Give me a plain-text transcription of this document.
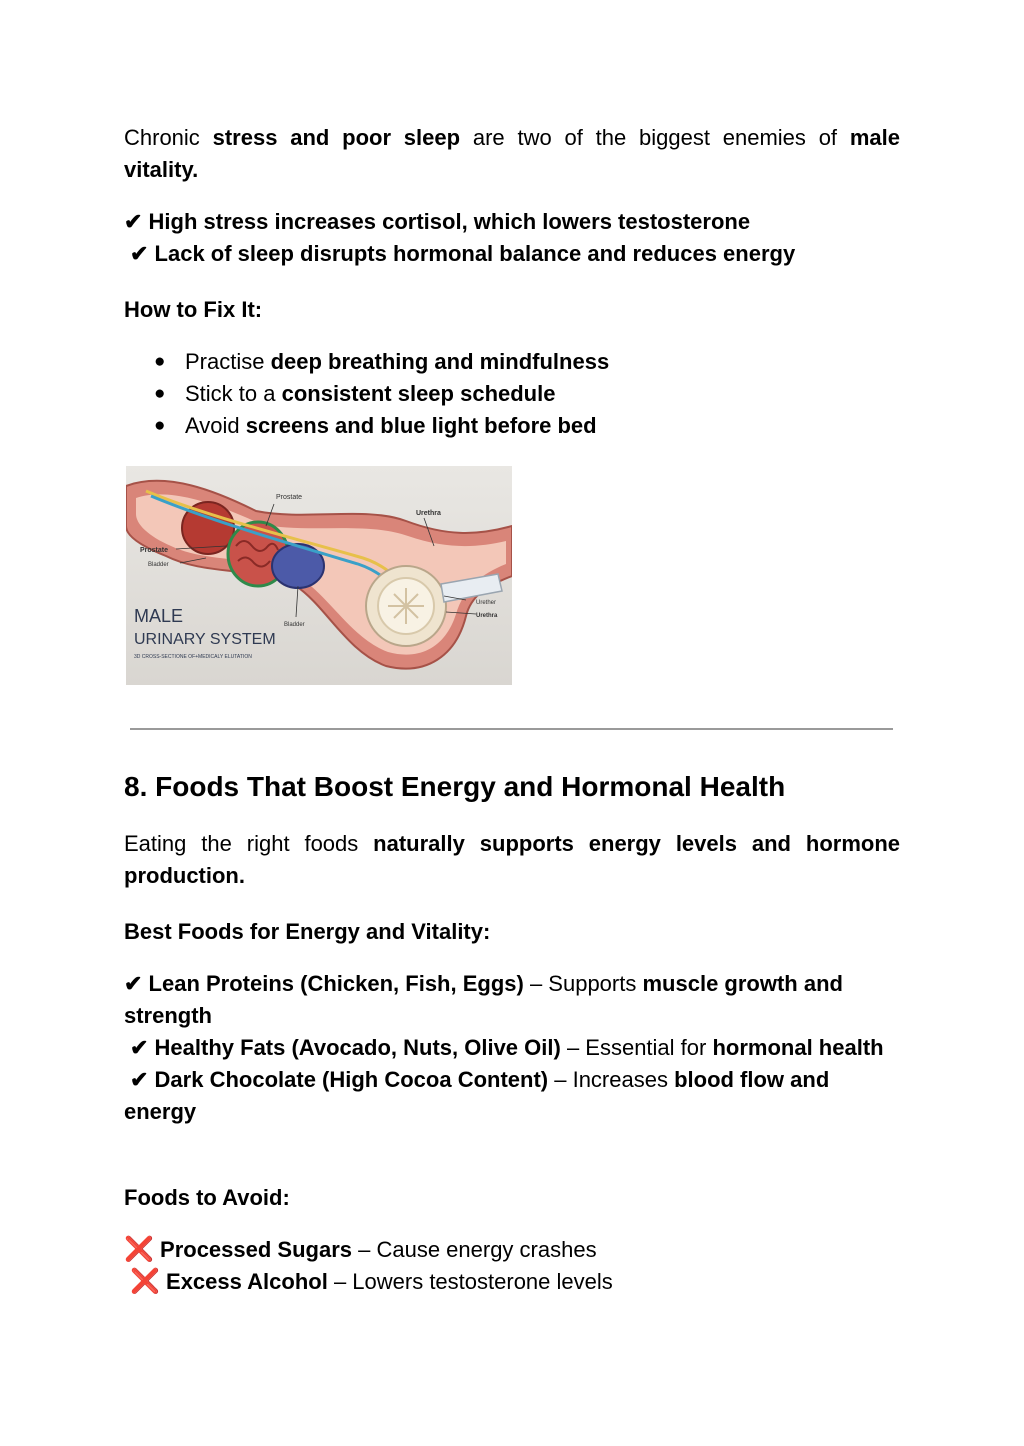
Chronic stress and poor sleep are two of the biggest enemies of male vitality.

✔ High stress increases cortisol, which lowers testosterone

✔ Lack of sleep disrupts hormonal balance and reduces energy

How to Fix It:

● Practise deep breathing and mindfulness
● Stick to a consistent sleep schedule
● Avoid screens and blue light before bed
Prostate
Urethra
Prostate
Bladder
Bladder
Urether
Urethra
MALE
URINARY SYSTEM
3D CROSS-SECTIONE OF+MEDICALY ELUTATION
8. Foods That Boost Energy and Hormonal Health

Eating the right foods naturally supports energy levels and hormone production.

Best Foods for Energy and Vitality:

✔ Lean Proteins (Chicken, Fish, Eggs) – Supports muscle growth and strength

✔ Healthy Fats (Avocado, Nuts, Olive Oil) – Essential for hormonal health

✔ Dark Chocolate (High Cocoa Content) – Increases blood flow and energy

Foods to Avoid:

❌ Processed Sugars – Cause energy crashes

❌ Excess Alcohol – Lowers testosterone levels
